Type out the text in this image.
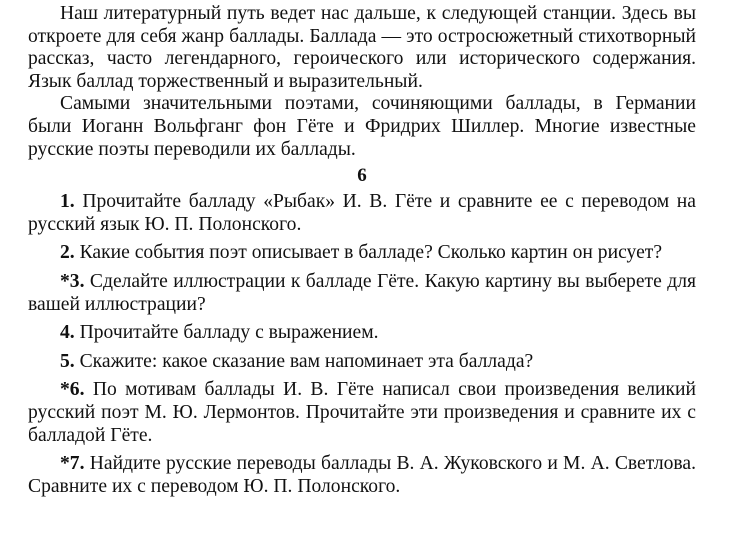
Наш литературный путь ведет нас дальше, к следующей станции. Здесь вы откроете для себя жанр баллады. Баллада — это остросюжетный стихотворный рассказ, часто легендарного, героического или исторического содержания. Язык баллад торжественный и выразительный.

Самыми значительными поэтами, сочиняющими баллады, в Германии были Иоганн Вольфганг фон Гёте и Фридрих Шиллер. Многие известные русские поэты переводили их баллады.

6

1. Прочитайте балладу «Рыбак» И. В. Гёте и сравните ее с переводом на русский язык Ю. П. Полонского.

2. Какие события поэт описывает в балладе? Сколько картин он рисует?

*3. Сделайте иллюстрации к балладе Гёте. Какую картину вы выберете для вашей иллюстрации?

4. Прочитайте балладу с выражением.

5. Скажите: какое сказание вам напоминает эта баллада?

*6. По мотивам баллады И. В. Гёте написал свои произведения великий русский поэт М. Ю. Лермонтов. Прочитайте эти произведения и сравните их с балладой Гёте.

*7. Найдите русские переводы баллады В. А. Жуковского и М. А. Светлова. Сравните их с переводом Ю. П. Полонского.
